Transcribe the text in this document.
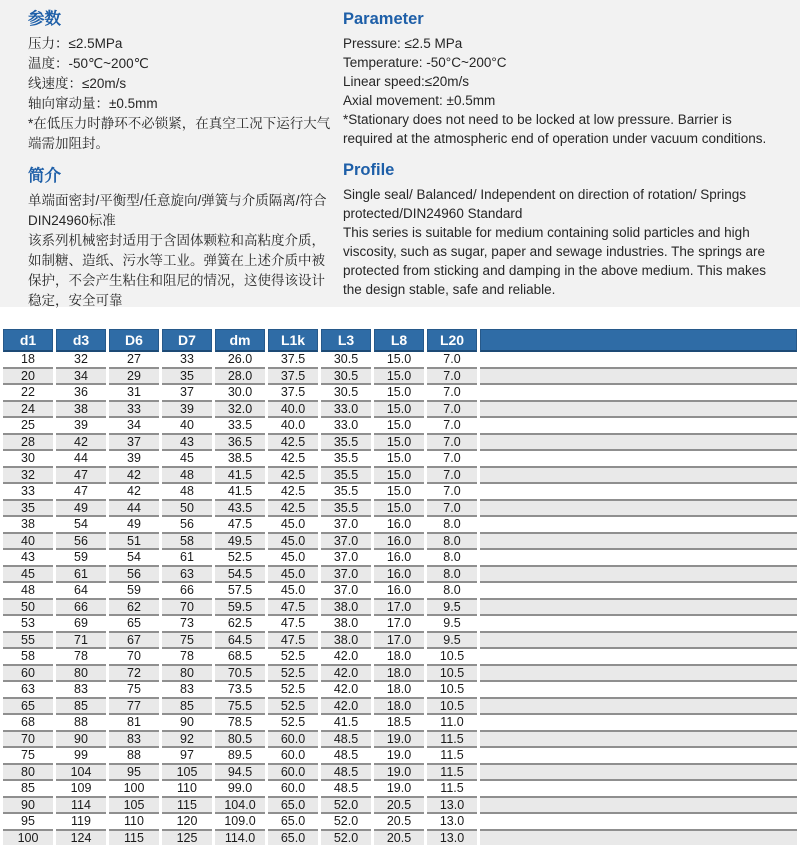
参数
压力：≤2.5MPa
温度：-50℃~200℃
线速度：≤20m/s
轴向窜动量：±0.5mm
*在低压力时静环不必锁紧，在真空工况下运行大气端需加阻封。
简介
单端面密封/平衡型/任意旋向/弹簧与介质隔离/符合DIN24960标准
该系列机械密封适用于含固体颗粒和高粘度介质，如制糖、造纸、污水等工业。弹簧在上述介质中被保护，不会产生粘住和阻尼的情况，这使得该设计稳定，安全可靠
Parameter
Pressure: ≤2.5 MPa
Temperature: -50°C~200°C
Linear speed:≤20m/s
Axial movement: ±0.5mm
*Stationary does not need to be locked at low pressure. Barrier is required at the atmospheric end of operation under vacuum conditions.
Profile
Single seal/ Balanced/ Independent on direction of rotation/ Springs protected/DIN24960 Standard
This series is suitable for medium containing solid particles and high viscosity, such as sugar, paper and sewage industries. The springs are protected from sticking and damping in the above medium. This makes the design stable, safe and reliable.
d1	d3	D6	D7	dm	L1k	L3	L8	L20	
18	32	27	33	26.0	37.5	30.5	15.0	7.0	
20	34	29	35	28.0	37.5	30.5	15.0	7.0	
22	36	31	37	30.0	37.5	30.5	15.0	7.0	
24	38	33	39	32.0	40.0	33.0	15.0	7.0	
25	39	34	40	33.5	40.0	33.0	15.0	7.0	
28	42	37	43	36.5	42.5	35.5	15.0	7.0	
30	44	39	45	38.5	42.5	35.5	15.0	7.0	
32	47	42	48	41.5	42.5	35.5	15.0	7.0	
33	47	42	48	41.5	42.5	35.5	15.0	7.0	
35	49	44	50	43.5	42.5	35.5	15.0	7.0	
38	54	49	56	47.5	45.0	37.0	16.0	8.0	
40	56	51	58	49.5	45.0	37.0	16.0	8.0	
43	59	54	61	52.5	45.0	37.0	16.0	8.0	
45	61	56	63	54.5	45.0	37.0	16.0	8.0	
48	64	59	66	57.5	45.0	37.0	16.0	8.0	
50	66	62	70	59.5	47.5	38.0	17.0	9.5	
53	69	65	73	62.5	47.5	38.0	17.0	9.5	
55	71	67	75	64.5	47.5	38.0	17.0	9.5	
58	78	70	78	68.5	52.5	42.0	18.0	10.5	
60	80	72	80	70.5	52.5	42.0	18.0	10.5	
63	83	75	83	73.5	52.5	42.0	18.0	10.5	
65	85	77	85	75.5	52.5	42.0	18.0	10.5	
68	88	81	90	78.5	52.5	41.5	18.5	11.0	
70	90	83	92	80.5	60.0	48.5	19.0	11.5	
75	99	88	97	89.5	60.0	48.5	19.0	11.5	
80	104	95	105	94.5	60.0	48.5	19.0	11.5	
85	109	100	110	99.0	60.0	48.5	19.0	11.5	
90	114	105	115	104.0	65.0	52.0	20.5	13.0	
95	119	110	120	109.0	65.0	52.0	20.5	13.0	
100	124	115	125	114.0	65.0	52.0	20.5	13.0	
